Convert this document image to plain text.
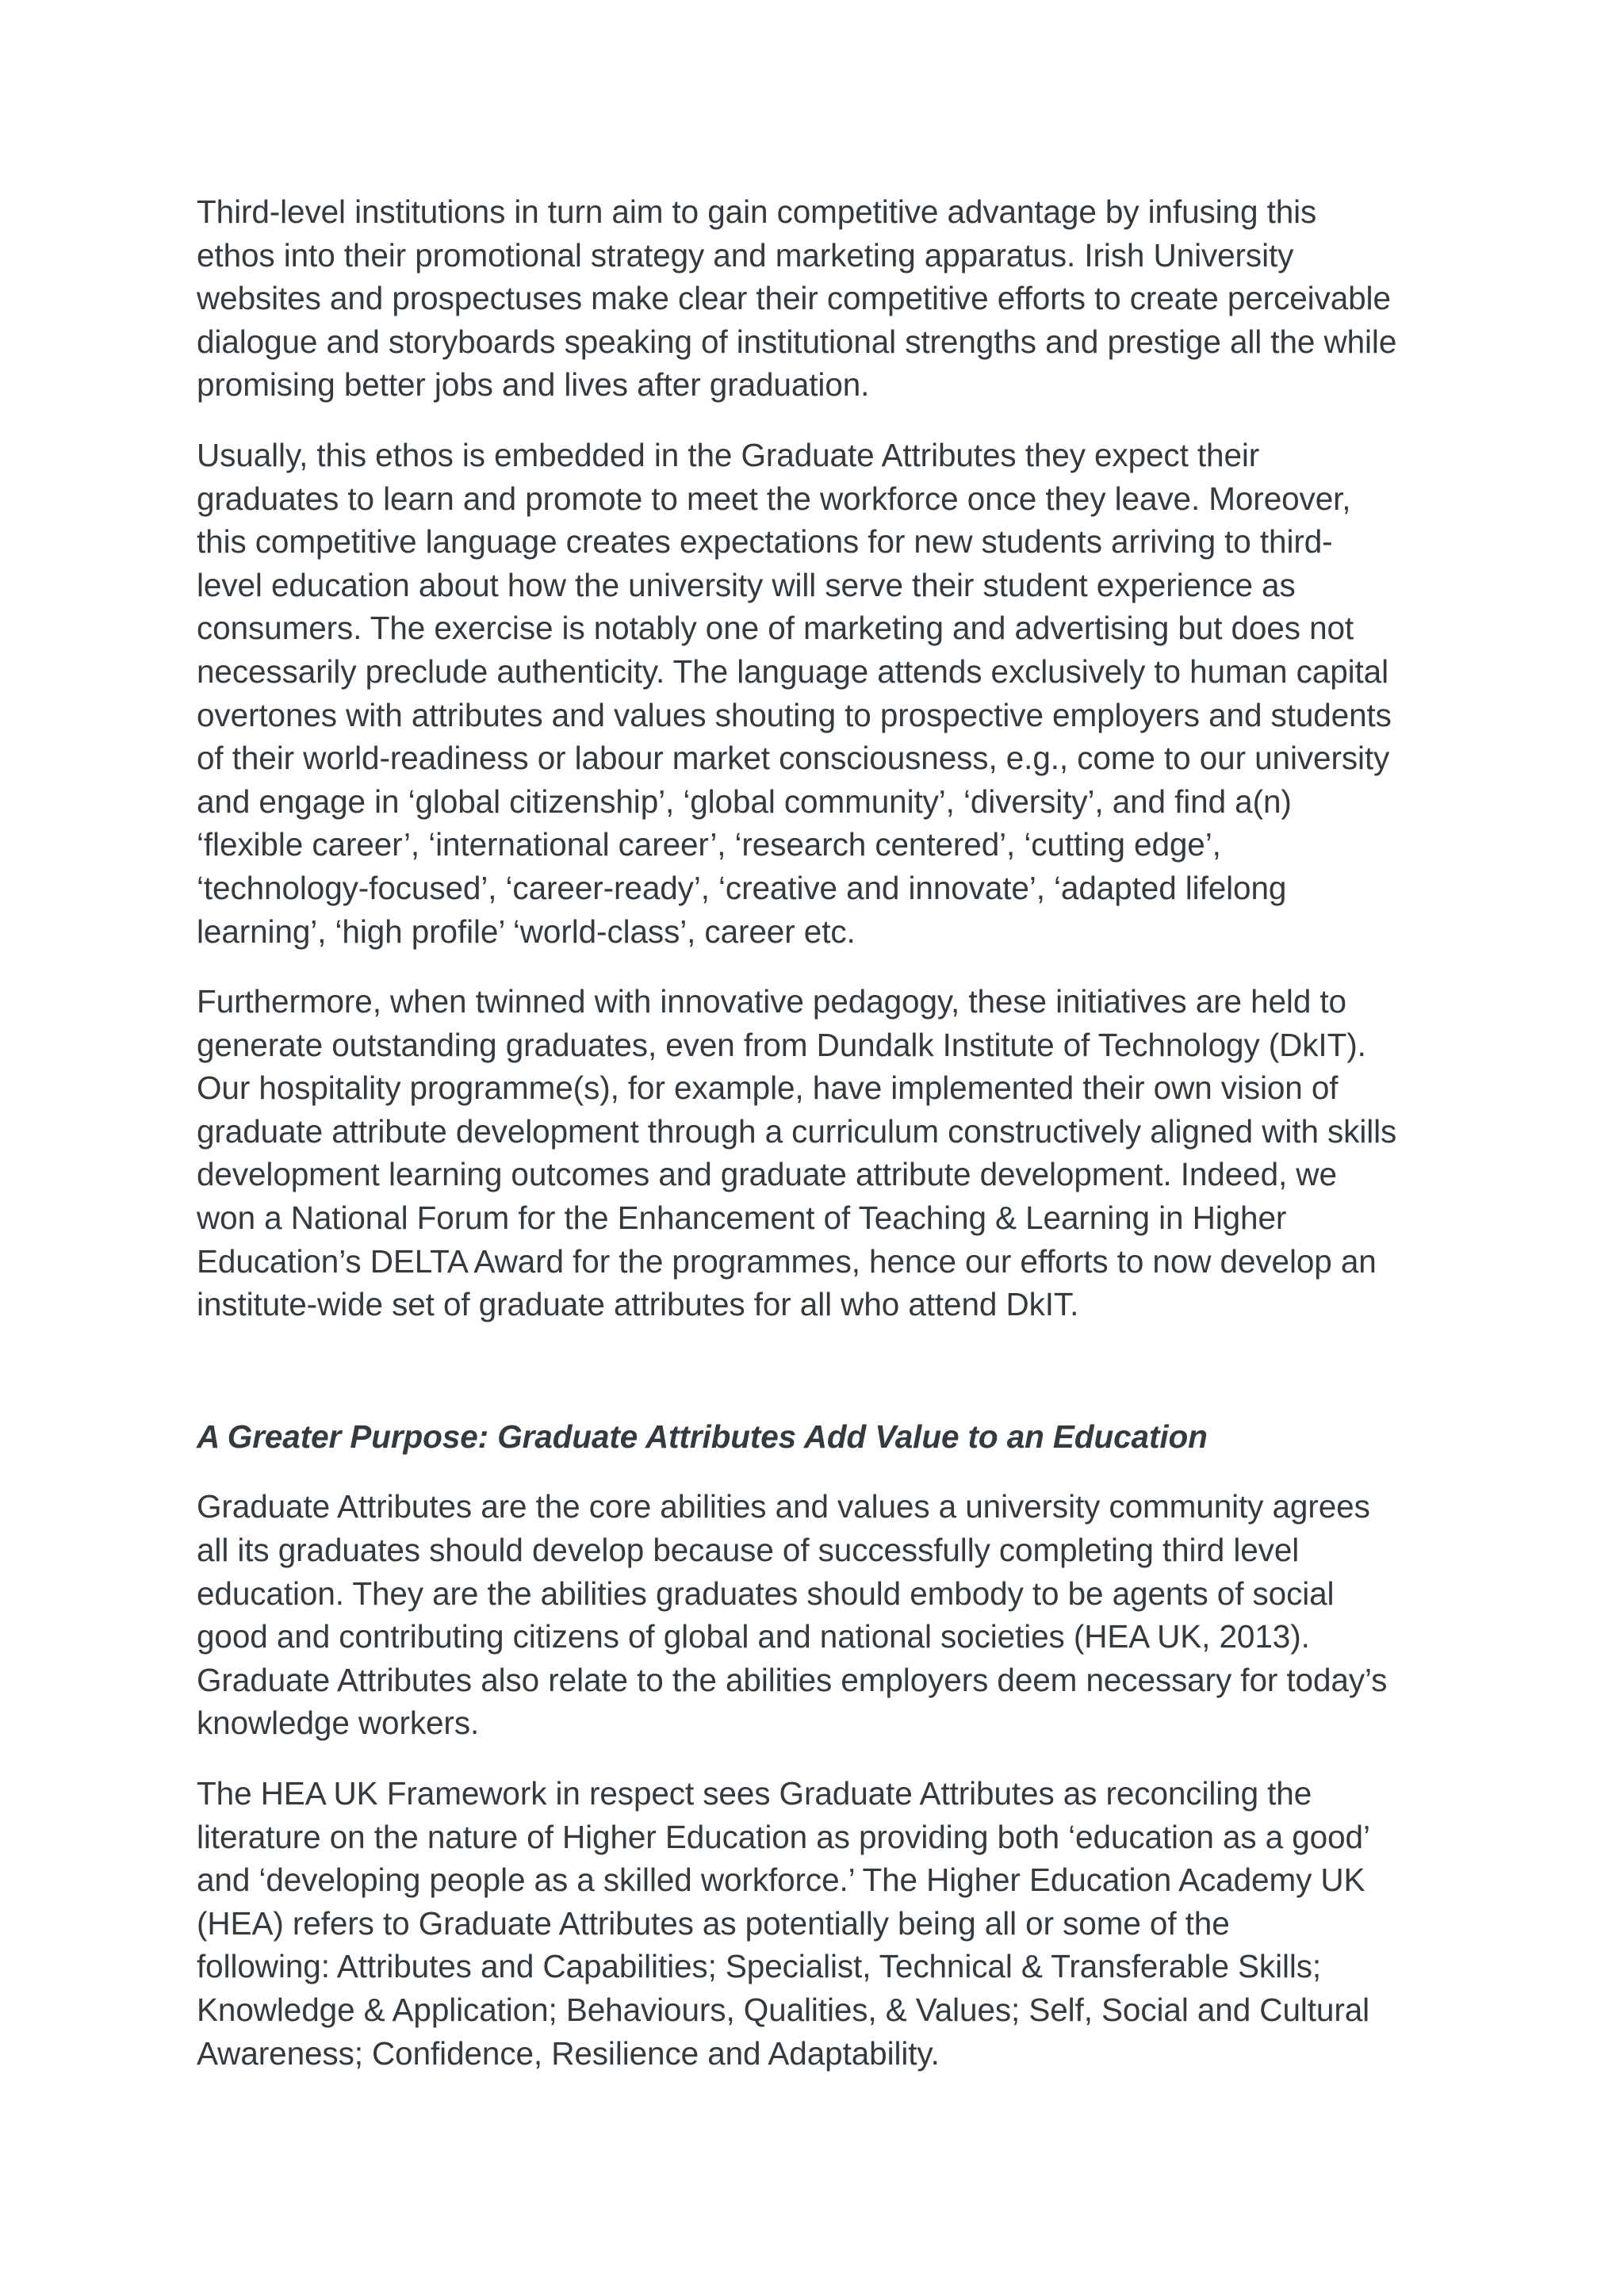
Third-level institutions in turn aim to gain competitive advantage by infusing this
ethos into their promotional strategy and marketing apparatus. Irish University
websites and prospectuses make clear their competitive efforts to create perceivable
dialogue and storyboards speaking of institutional strengths and prestige all the while
promising better jobs and lives after graduation.
Usually, this ethos is embedded in the Graduate Attributes they expect their
graduates to learn and promote to meet the workforce once they leave. Moreover,
this competitive language creates expectations for new students arriving to third-
level education about how the university will serve their student experience as
consumers. The exercise is notably one of marketing and advertising but does not
necessarily preclude authenticity. The language attends exclusively to human capital
overtones with attributes and values shouting to prospective employers and students
of their world-readiness or labour market consciousness, e.g., come to our university
and engage in ‘global citizenship’, ‘global community’, ‘diversity’, and find a(n)
‘flexible career’, ‘international career’, ‘research centered’, ‘cutting edge’,
‘technology-focused’, ‘career-ready’, ‘creative and innovate’, ‘adapted lifelong
learning’, ‘high profile’ ‘world-class’, career etc.
Furthermore, when twinned with innovative pedagogy, these initiatives are held to
generate outstanding graduates, even from Dundalk Institute of Technology (DkIT).
Our hospitality programme(s), for example, have implemented their own vision of
graduate attribute development through a curriculum constructively aligned with skills
development learning outcomes and graduate attribute development. Indeed, we
won a National Forum for the Enhancement of Teaching & Learning in Higher
Education’s DELTA Award for the programmes, hence our efforts to now develop an
institute-wide set of graduate attributes for all who attend DkIT.
A Greater Purpose: Graduate Attributes Add Value to an Education
Graduate Attributes are the core abilities and values a university community agrees
all its graduates should develop because of successfully completing third level
education. They are the abilities graduates should embody to be agents of social
good and contributing citizens of global and national societies (HEA UK, 2013).
Graduate Attributes also relate to the abilities employers deem necessary for today’s
knowledge workers.
The HEA UK Framework in respect sees Graduate Attributes as reconciling the
literature on the nature of Higher Education as providing both ‘education as a good’
and ‘developing people as a skilled workforce.’ The Higher Education Academy UK
(HEA) refers to Graduate Attributes as potentially being all or some of the
following: Attributes and Capabilities; Specialist, Technical & Transferable Skills;
Knowledge & Application; Behaviours, Qualities, & Values; Self, Social and Cultural
Awareness; Confidence, Resilience and Adaptability.
